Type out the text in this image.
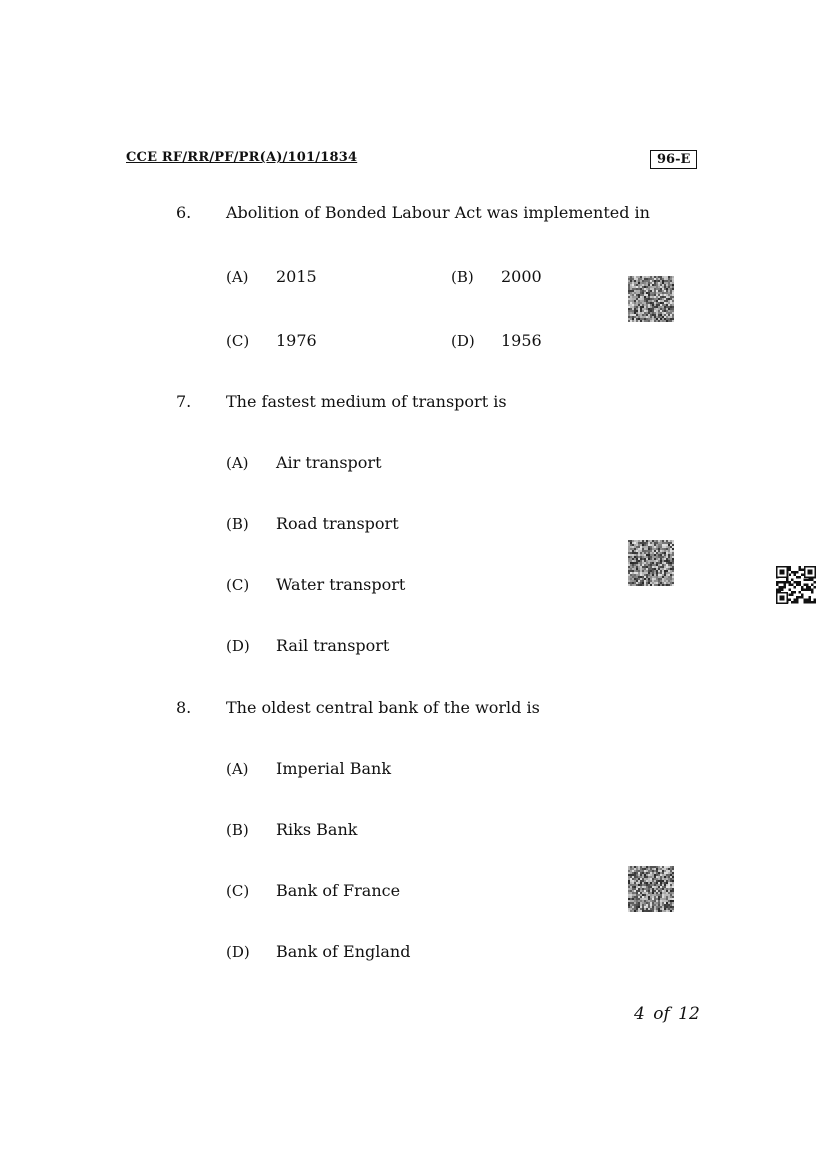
CCE RF/RR/PF/PR(A)/101/1834	96-E
6. Abolition of Bonded Labour Act was implemented in
(A) 2015	(B) 2000
(C) 1976	(D) 1956
7. The fastest medium of transport is
(A) Air transport
(B) Road transport
(C) Water transport
(D) Rail transport
8. The oldest central bank of the world is
(A) Imperial Bank
(B) Riks Bank
(C) Bank of France
(D) Bank of England
4 of 12
